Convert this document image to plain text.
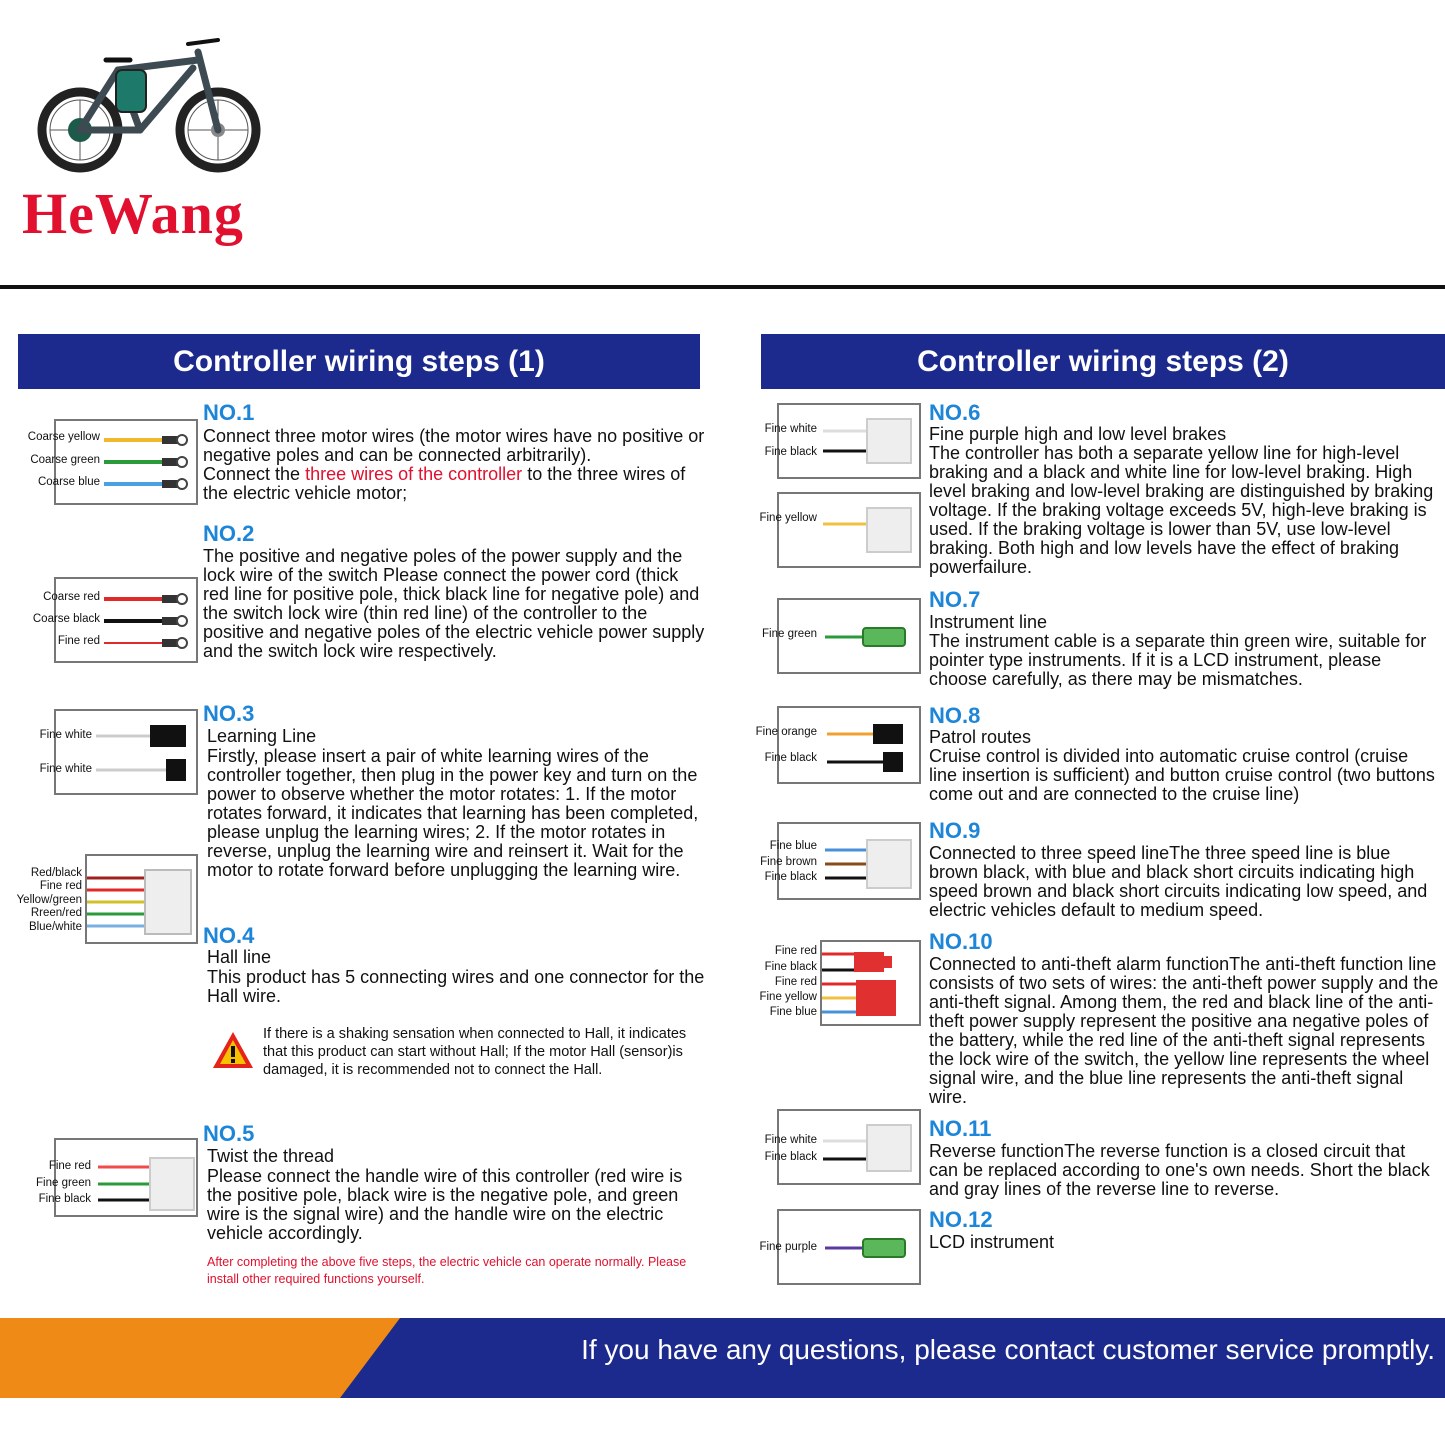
HeWang
Controller wiring steps (1)
Coarse yellow
Coarse green
Coarse blue
NO.1
Connect three motor wires (the motor wires have no positive or negative poles and can be connected arbitrarily).
Connect the three wires of the controller to the three wires of the electric vehicle motor;
Coarse red
Coarse black
Fine red
NO.2
The positive and negative poles of the power supply and the lock wire of the switch Please connect the power cord (thick red line for positive pole, thick black line for negative pole) and the switch lock wire (thin red line) of the controller to the positive and negative poles of the electric vehicle power supply and the switch lock wire respectively.
Fine white
Fine white
NO.3
Learning Line
Firstly, please insert a pair of white learning wires of the controller together, then plug in the power key and turn on the power to observe whether the motor rotates: 1. If the motor rotates forward, it indicates that learning has been completed, please unplug the learning wires; 2. If the motor rotates in reverse, unplug the learning wire and reinsert it. Wait for the motor to rotate forward before unplugging the learning wire.
Red/black
Fine red
Yellow/green
Rreen/red
Blue/white	NO.4
Hall line
This product has 5 connecting wires and one connector for the Hall wire.
If there is a shaking sensation when connected to Hall, it indicates that this product can start without Hall; If the motor Hall (sensor)is damaged, it is recommended not to connect the Hall.
Fine red
Fine green
Fine black
NO.5
Twist the thread
Please connect the handle wire of this controller (red wire is the positive pole, black wire is the negative pole, and green wire is the signal wire) and the handle wire on the electric vehicle accordingly.
After completing the above five steps, the electric vehicle can operate normally. Please install other required functions yourself.
Controller wiring steps (2)
Fine white
Fine black
Fine yellow
NO.6
Fine purple high and low level brakes
The controller has both a separate yellow line for high-level braking and a black and white line for low-level braking. High level braking and low-level braking are distinguished by braking voltage. If the braking voltage exceeds 5V, high-leve braking is used. If the braking voltage is lower than 5V, use low-level braking. Both high and low levels have the effect of braking powerfailure.
Fine green
NO.7
Instrument line
The instrument cable is a separate thin green wire, suitable for pointer type instruments. If it is a LCD instrument, please choose carefully, as there may be mismatches.
Fine orange
Fine black
NO.8
Patrol routes
Cruise control is divided into automatic cruise control (cruise line insertion is sufficient) and button cruise control (two buttons come out and are connected to the cruise line)
Fine blue
Fine brown
Fine black
NO.9
Connected to three speed lineThe three speed line is blue brown black, with blue and black short circuits indicating high speed brown and black short circuits indicating low speed, and electric vehicles default to medium speed.
Fine red
Fine black
Fine red
Fine yellow
Fine blue
NO.10
Connected to anti-theft alarm functionThe anti-theft function line consists of two sets of wires: the anti-theft power supply and the anti-theft signal. Among them, the red and black line of the anti-theft power supply represent the positive ana negative poles of the battery, while the red line of the anti-theft signal represents the lock wire of the switch, the yellow line represents the wheel signal wire, and the blue line represents the anti-theft signal wire.
Fine white
Fine black
NO.11
Reverse functionThe reverse function is a closed circuit that can be replaced according to one's own needs. Short the black and gray lines of the reverse line to reverse.
Fine purple
NO.12
LCD instrument
If you have any questions, please contact customer service promptly.
